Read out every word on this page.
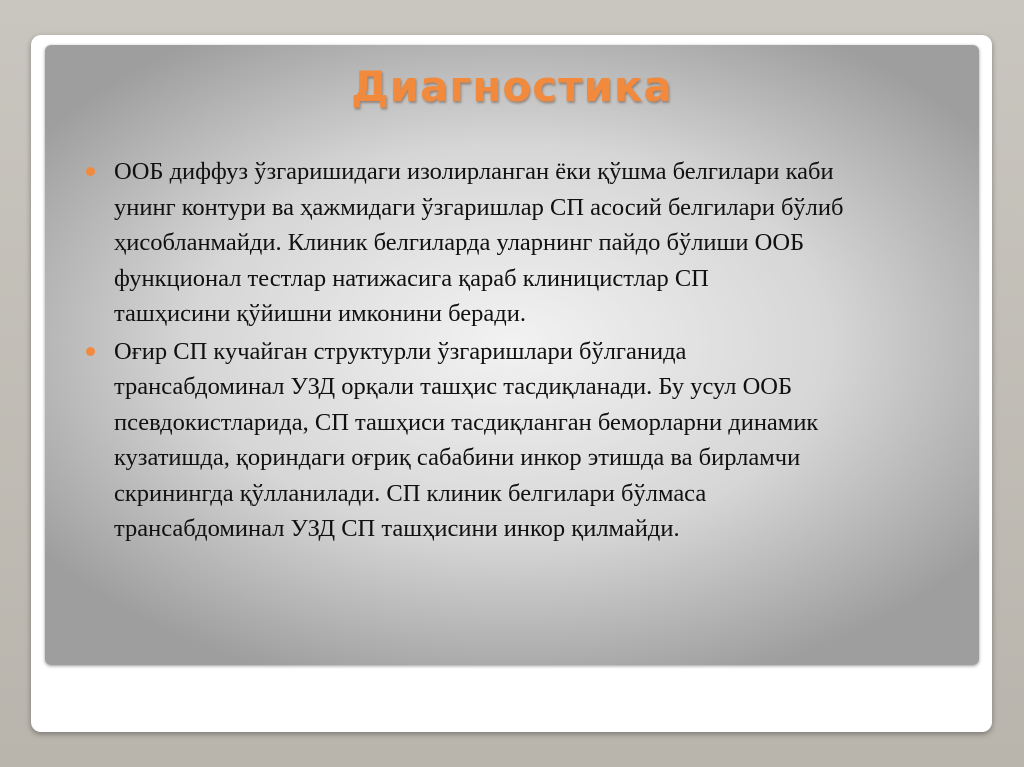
Диагностика
ООБ диффуз ўзгаришидаги изолирланган ёки қўшма белгилари каби
унинг контури ва ҳажмидаги ўзгаришлар СП асосий белгилари бўлиб
ҳисобланмайди. Клиник белгиларда уларнинг пайдо бўлиши ООБ
функционал тестлар натижасига қараб клиницистлар СП
ташҳисини қўйишни имконини беради.
Оғир СП кучайган структурли ўзгаришлари бўлганида
трансабдоминал УЗД орқали ташҳис тасдиқланади. Бу усул ООБ
псевдокистларида, СП ташҳиси тасдиқланган беморларни динамик
кузатишда, қориндаги оғриқ сабабини инкор этишда ва бирламчи
скринингда қўлланилади. СП клиник белгилари бўлмаса
трансабдоминал УЗД СП ташҳисини инкор қилмайди.
